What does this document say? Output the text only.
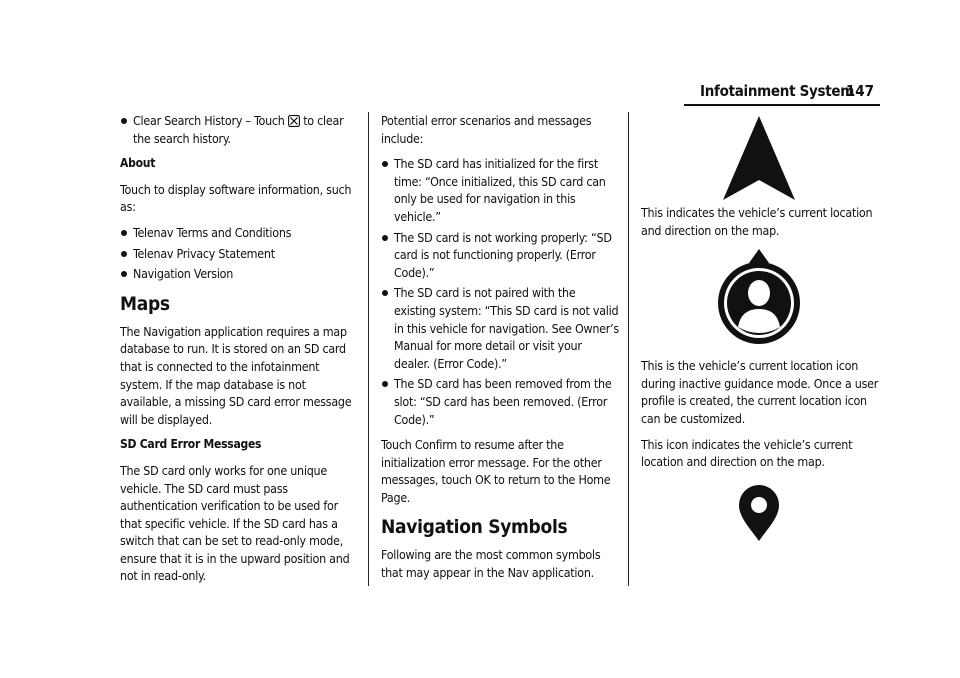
Infotainment System
147
Clear Search History – Touch to clear the search history.
About

Touch to display software information, such as:

Telenav Terms and Conditions
Telenav Privacy Statement
Navigation Version
Maps

The Navigation application requires a map database to run. It is stored on an SD card that is connected to the infotainment system. If the map database is not available, a missing SD card error message will be displayed.

SD Card Error Messages

The SD card only works for one unique vehicle. The SD card must pass authentication verification to be used for that specific vehicle. If the SD card has a switch that can be set to read-only mode, ensure that it is in the upward position and not in read-only.

Potential error scenarios and messages include:

The SD card has initialized for the first time: “Once initialized, this SD card can only be used for navigation in this vehicle.”
The SD card is not working properly: “SD card is not functioning properly. (Error Code).”
The SD card is not paired with the existing system: “This SD card is not valid in this vehicle for navigation. See Owner’s Manual for more detail or visit your dealer. (Error Code).”
The SD card has been removed from the slot: “SD card has been removed. (Error Code).”

Touch Confirm to resume after the initialization error message. For the other messages, touch OK to return to the Home Page.

Navigation Symbols

Following are the most common symbols that may appear in the Nav application.

This indicates the vehicle’s current location and direction on the map.

This is the vehicle’s current location icon during inactive guidance mode. Once a user profile is created, the current location icon can be customized.

This icon indicates the vehicle’s current location and direction on the map.
